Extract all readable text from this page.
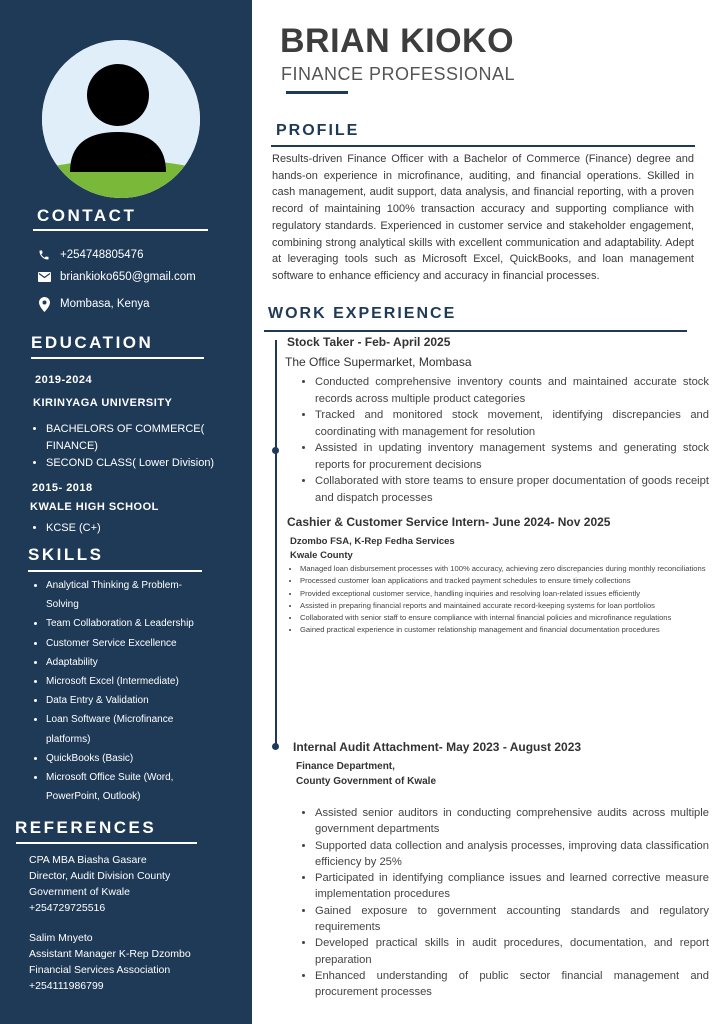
CONTACT
+254748805476
briankioko650@gmail.com
Mombasa, Kenya
EDUCATION
2019-2024
KIRINYAGA UNIVERSITY
• BACHELORS OF COMMERCE(
FINANCE)
• SECOND CLASS( Lower Division)
2015- 2018
KWALE HIGH SCHOOL
• KCSE (C+)
SKILLS
• Analytical Thinking & Problem-Solving
• Team Collaboration & Leadership
• Customer Service Excellence
• Adaptability
• Microsoft Excel (Intermediate)
• Data Entry & Validation
• Loan Software (Microfinance platforms)
• QuickBooks (Basic)
• Microsoft Office Suite (Word, PowerPoint, Outlook)
REFERENCES
CPA MBA Biasha Gasare
Director, Audit Division County
Government of Kwale
+254729725516
Salim Mnyeto
Assistant Manager K-Rep Dzombo
Financial Services Association
+254111986799
BRIAN KIOKO
FINANCE PROFESSIONAL
PROFILE

Results-driven Finance Officer with a Bachelor of Commerce (Finance) degree and hands-on experience in microfinance, auditing, and financial operations. Skilled in cash management, audit support, data analysis, and financial reporting, with a proven record of maintaining 100% transaction accuracy and supporting compliance with regulatory standards. Experienced in customer service and stakeholder engagement, combining strong analytical skills with excellent communication and adaptability. Adept at leveraging tools such as Microsoft Excel, QuickBooks, and loan management software to enhance efficiency and accuracy in financial processes.

WORK EXPERIENCE
Stock Taker - Feb- April 2025
The Office Supermarket, Mombasa
• Conducted comprehensive inventory counts and maintained accurate stock records across multiple product categories
• Tracked and monitored stock movement, identifying discrepancies and coordinating with management for resolution
• Assisted in updating inventory management systems and generating stock reports for procurement decisions
• Collaborated with store teams to ensure proper documentation of goods receipt and dispatch processes
Cashier & Customer Service Intern- June 2024- Nov 2025
Dzombo FSA, K-Rep Fedha Services
Kwale County
• Managed loan disbursement processes with 100% accuracy, achieving zero discrepancies during monthly reconciliations
• Processed customer loan applications and tracked payment schedules to ensure timely collections
• Provided exceptional customer service, handling inquiries and resolving loan-related issues efficiently
• Assisted in preparing financial reports and maintained accurate record-keeping systems for loan portfolios
• Collaborated with senior staff to ensure compliance with internal financial policies and microfinance regulations
• Gained practical experience in customer relationship management and financial documentation procedures
Internal Audit Attachment- May 2023 - August 2023
Finance Department,
County Government of Kwale
• Assisted senior auditors in conducting comprehensive audits across multiple government departments
• Supported data collection and analysis processes, improving data classification efficiency by 25%
• Participated in identifying compliance issues and learned corrective measure implementation procedures
• Gained exposure to government accounting standards and regulatory requirements
• Developed practical skills in audit procedures, documentation, and report preparation
• Enhanced understanding of public sector financial management and procurement processes
